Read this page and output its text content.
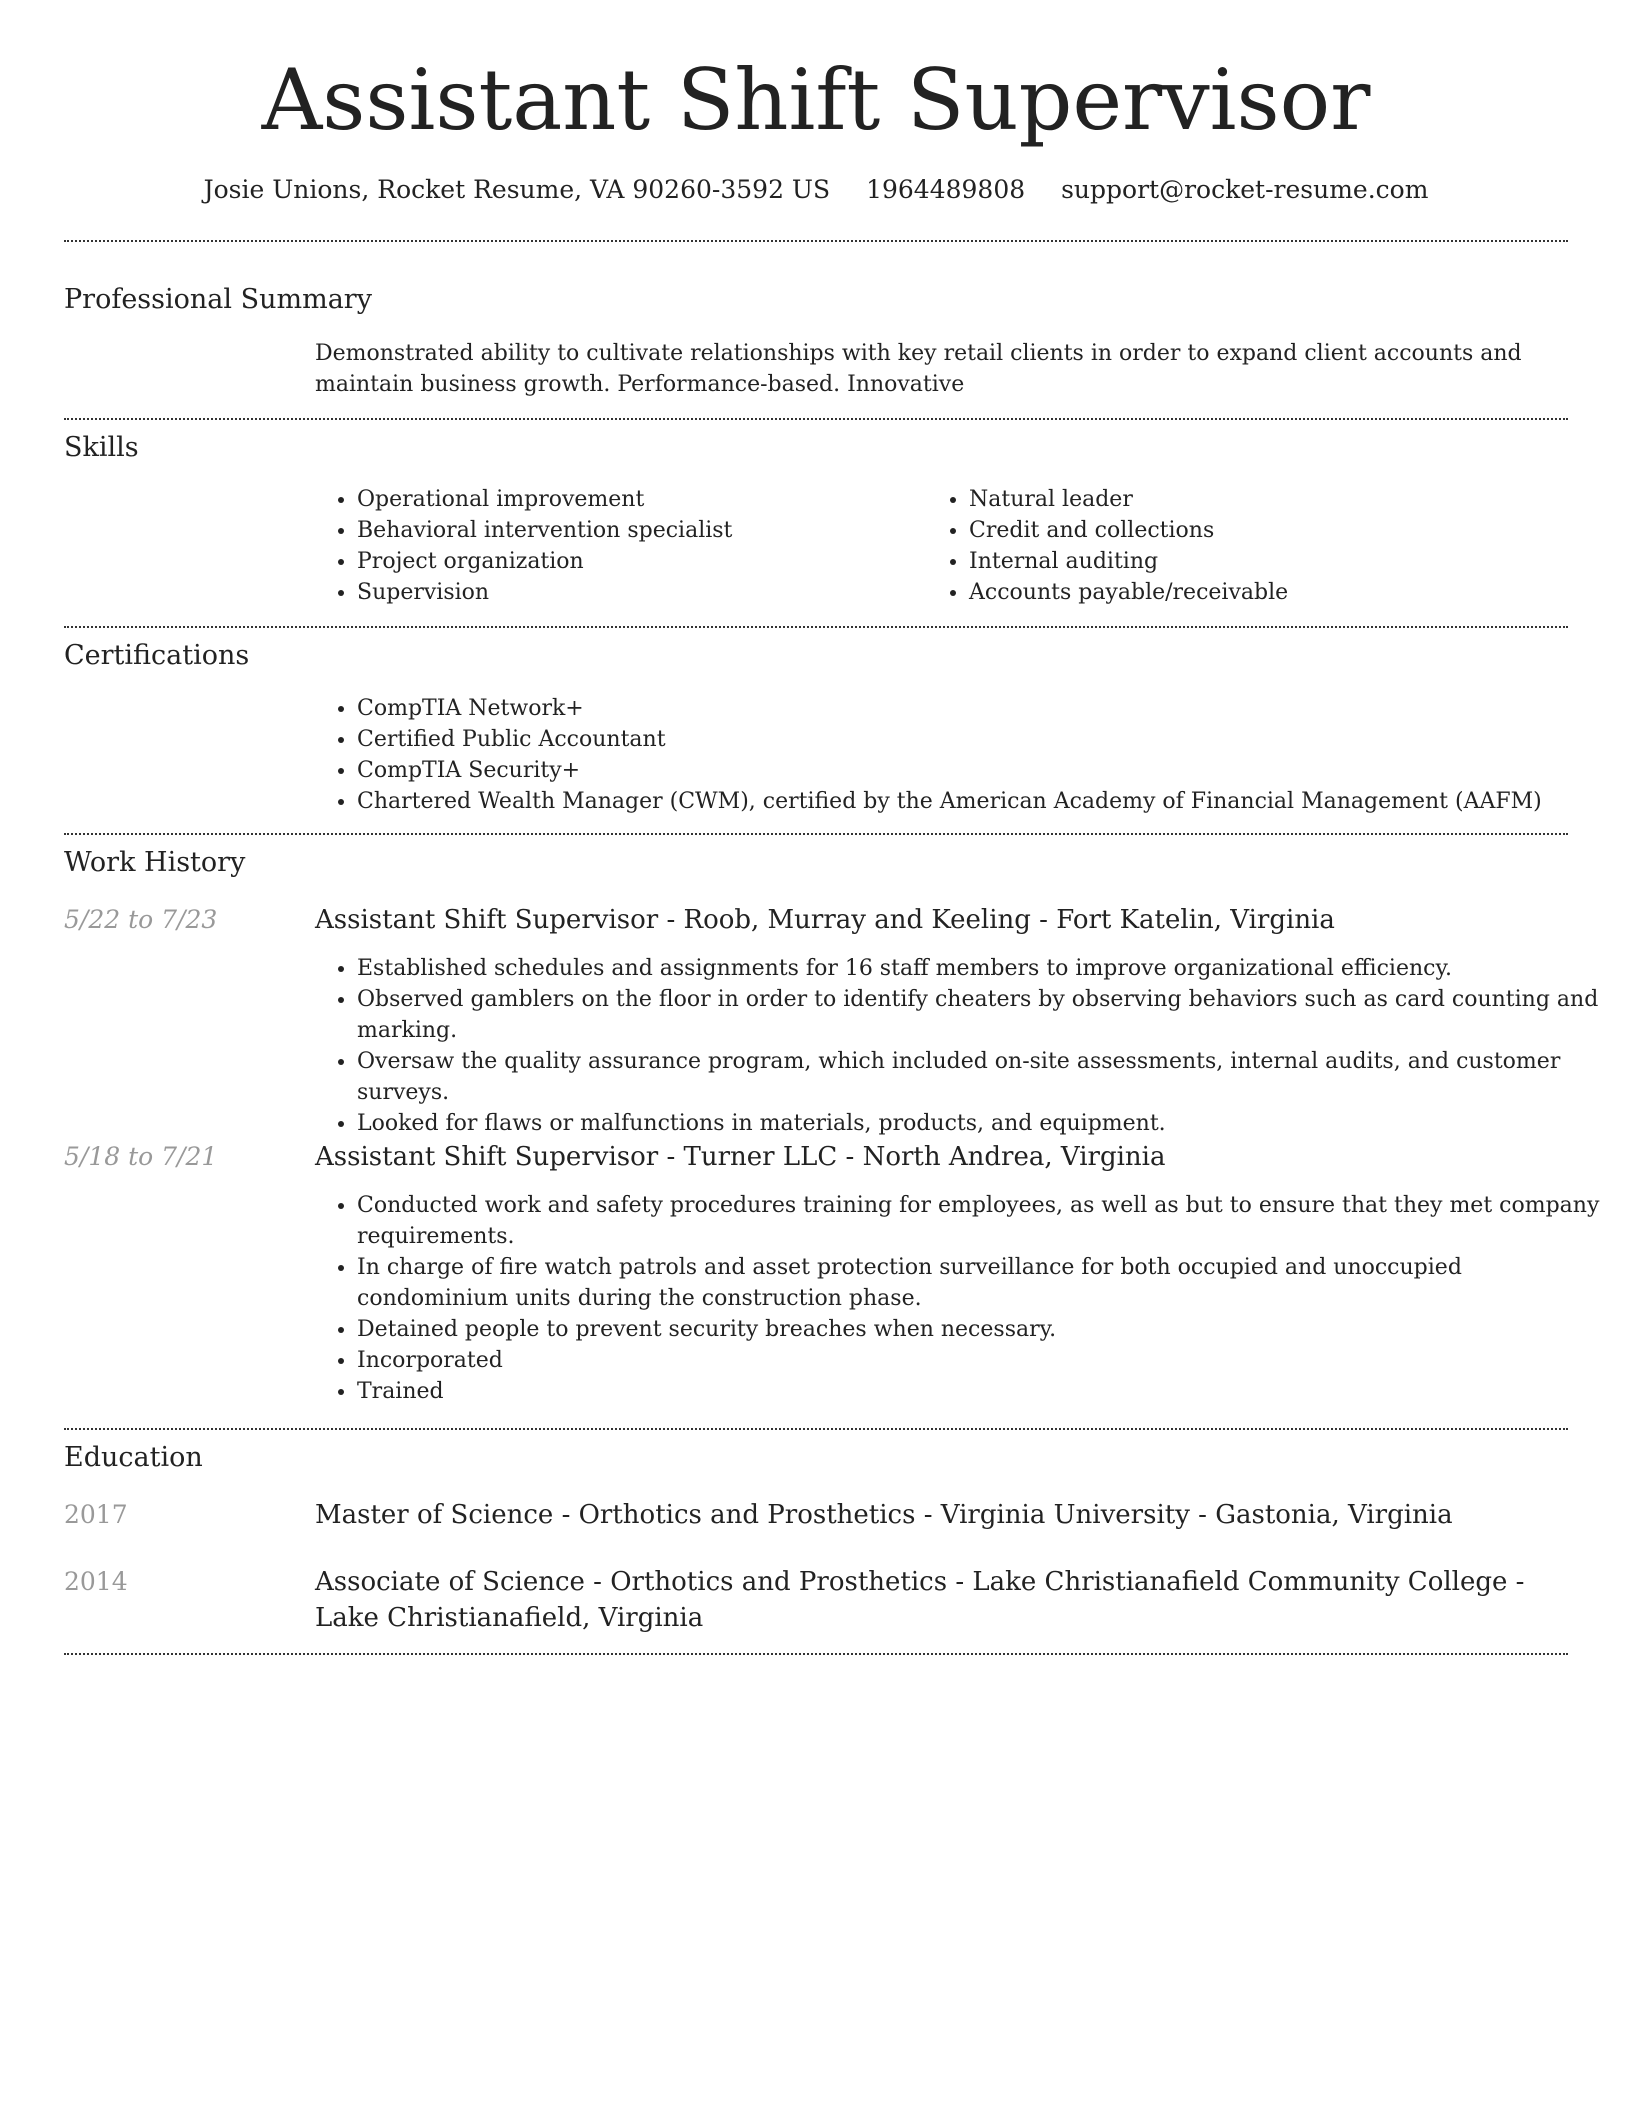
Assistant Shift Supervisor
Josie Unions, Rocket Resume, VA 90260-3592 US 1964489808 support@rocket-resume.com
Professional Summary

Demonstrated ability to cultivate relationships with key retail clients in order to expand client accounts and maintain business growth. Performance-based. Innovative

Skills
• Operational improvement
• Behavioral intervention specialist
• Project organization
• Supervision
• Natural leader
• Credit and collections
• Internal auditing
• Accounts payable/receivable
Certifications
• CompTIA Network+
• Certified Public Accountant
• CompTIA Security+
• Chartered Wealth Manager (CWM), certified by the American Academy of Financial Management (AAFM)
Work History
5/22 to 7/23	Assistant Shift Supervisor - Roob, Murray and Keeling - Fort Katelin, Virginia
• Established schedules and assignments for 16 staff members to improve organizational efficiency.
• Observed gamblers on the floor in order to identify cheaters by observing behaviors such as card counting and marking.
• Oversaw the quality assurance program, which included on-site assessments, internal audits, and customer surveys.
• Looked for flaws or malfunctions in materials, products, and equipment.
5/18 to 7/21	Assistant Shift Supervisor - Turner LLC - North Andrea, Virginia
• Conducted work and safety procedures training for employees, as well as but to ensure that they met company requirements.
• In charge of fire watch patrols and asset protection surveillance for both occupied and unoccupied condominium units during the construction phase.
• Detained people to prevent security breaches when necessary.
• Incorporated
• Trained
Education
2017	Master of Science - Orthotics and Prosthetics - Virginia University - Gastonia, Virginia
2014	Associate of Science - Orthotics and Prosthetics - Lake Christianafield Community College - Lake Christianafield, Virginia
